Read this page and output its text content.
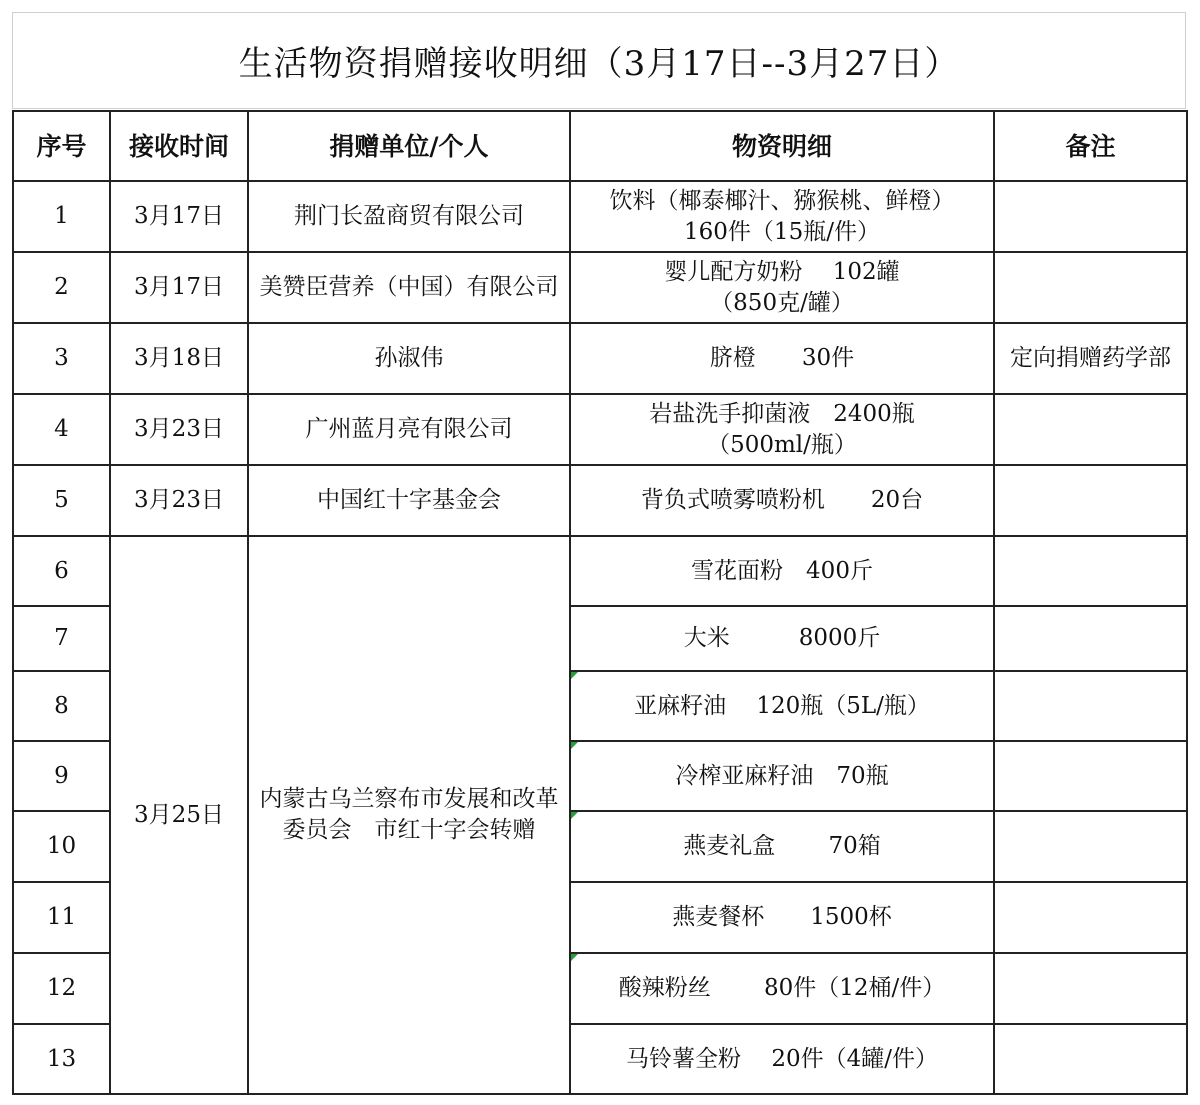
生活物资捐赠接收明细（3月17日--3月27日）
序号	接收时间	捐赠单位/个人	物资明细	备注
1	3月17日	荆门长盈商贸有限公司	饮料（椰泰椰汁、猕猴桃、鲜橙）
160件（15瓶/件）	

2	3月17日	美赞臣营养（中国）有限公司	婴儿配方奶粉　 102罐
（850克/罐）	

3	3月18日	孙淑伟	脐橙　　30件	定向捐赠药学部
4	3月23日	广州蓝月亮有限公司	岩盐洗手抑菌液　2400瓶
（500ml/瓶）	

5	3月23日	中国红十字基金会	背负式喷雾喷粉机　　20台	

6	3月25日	内蒙古乌兰察布市发展和改革委员会　市红十字会转赠	雪花面粉　400斤	
7			大米　　　8000斤	
8			亚麻籽油　 120瓶（5L/瓶）	
9			冷榨亚麻籽油　70瓶	
10			燕麦礼盒　　 70箱	
11			燕麦餐杯　　1500杯	
12			酸辣粉丝　　 80件（12桶/件）	
13			马铃薯全粉　 20件（4罐/件）	
